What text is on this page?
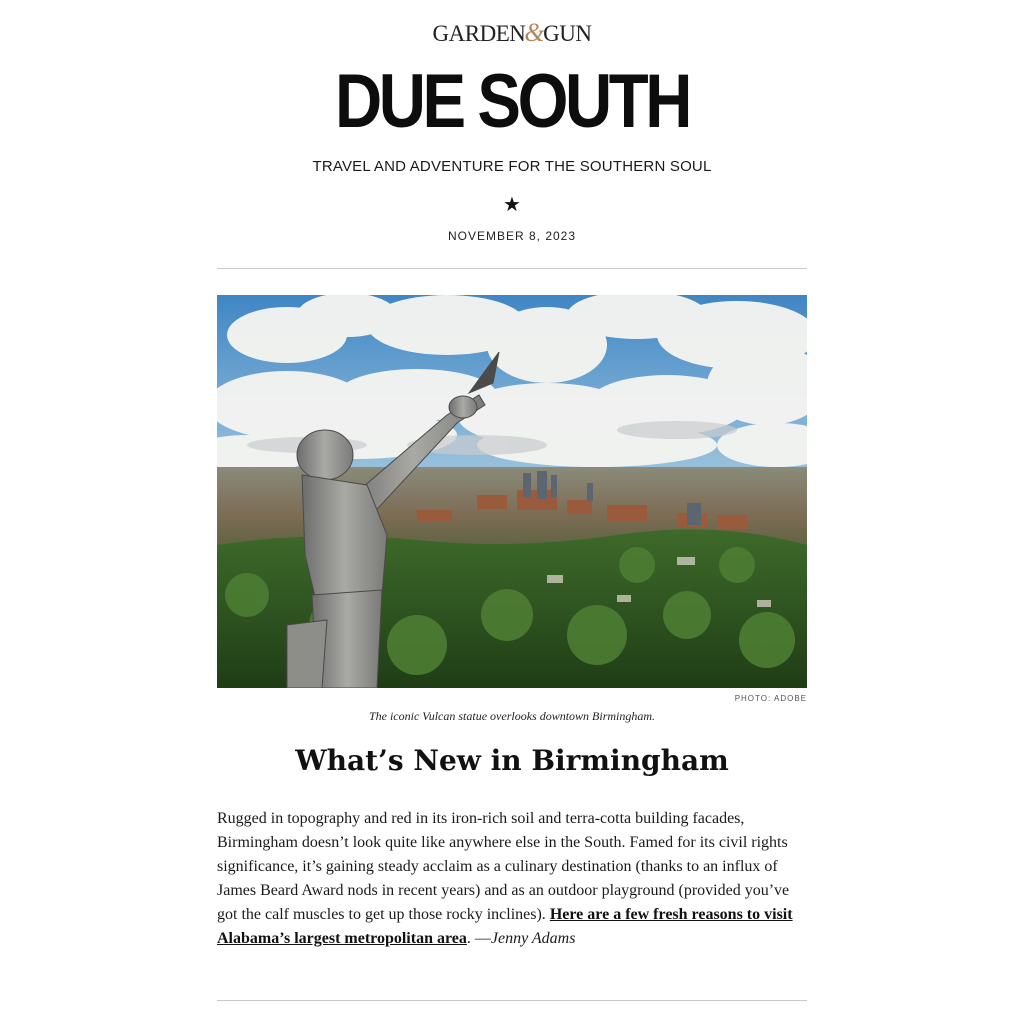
GARDEN&GUN
DUE SOUTH
TRAVEL AND ADVENTURE FOR THE SOUTHERN SOUL
★
NOVEMBER 8, 2023
PHOTO: ADOBE
The iconic Vulcan statue overlooks downtown Birmingham.
What’s New in Birmingham
Rugged in topography and red in its iron-rich soil and terra-cotta building facades, Birmingham doesn’t look quite like anywhere else in the South. Famed for its civil rights significance, it’s gaining steady acclaim as a culinary destination (thanks to an influx of James Beard Award nods in recent years) and as an outdoor playground (provided you’ve got the calf muscles to get up those rocky inclines). Here are a few fresh reasons to visit Alabama’s largest metropolitan area. —Jenny Adams
